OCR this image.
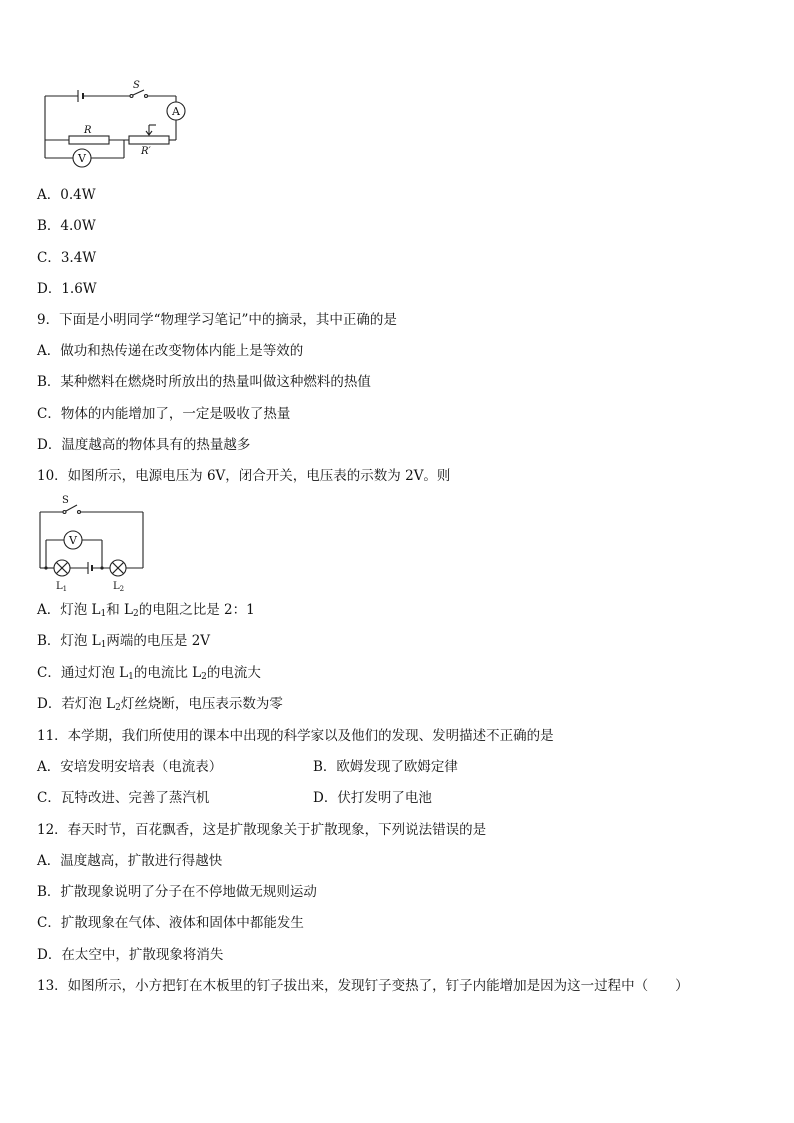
S
A
R
R′
V
A．0.4W
B．4.0W
C．3.4W
D．1.6W
9．下面是小明同学“物理学习笔记”中的摘录，其中正确的是
A．做功和热传递在改变物体内能上是等效的
B．某种燃料在燃烧时所放出的热量叫做这种燃料的热值
C．物体的内能增加了，一定是吸收了热量
D．温度越高的物体具有的热量越多
10．如图所示，电源电压为 6V，闭合开关，电压表的示数为 2V。则
S
V
$L_1$	$L_2$
A．灯泡 $L_1$和 $L_2$的电阻之比是 2：1
B．灯泡 $L_1$两端的电压是 2V
C．通过灯泡 $L_1$的电流比 $L_2$的电流大
D．若灯泡 $L_2$灯丝烧断，电压表示数为零
11．本学期，我们所使用的课本中出现的科学家以及他们的发现、发明描述不正确的是
A．安培发明安培表（电流表）	B．欧姆发现了欧姆定律
C．瓦特改进、完善了蒸汽机	D．伏打发明了电池
12．春天时节，百花飘香，这是扩散现象关于扩散现象，下列说法错误的是
A．温度越高，扩散进行得越快
B．扩散现象说明了分子在不停地做无规则运动
C．扩散现象在气体、液体和固体中都能发生
D．在太空中，扩散现象将消失
13．如图所示，小方把钉在木板里的钉子拔出来，发现钉子变热了，钉子内能增加是因为这一过程中（　　）
